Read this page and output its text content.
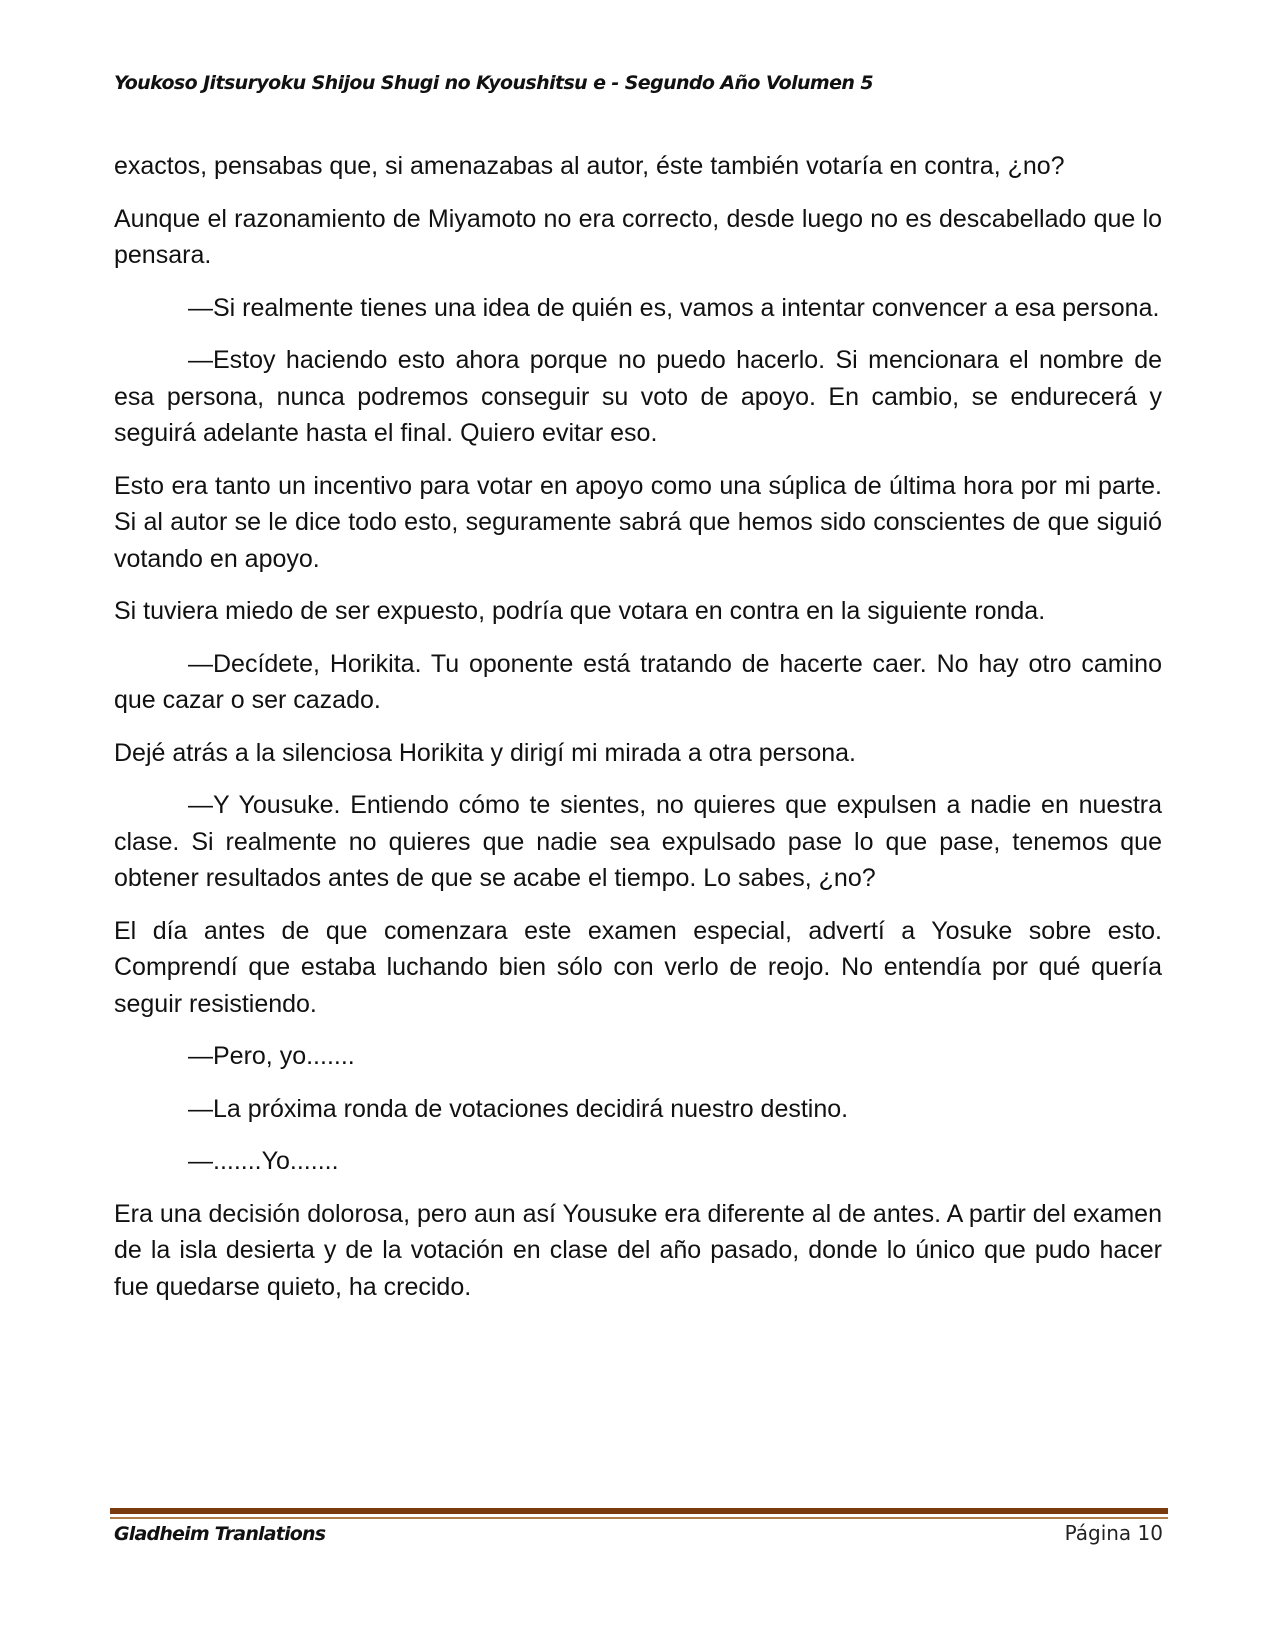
Youkoso Jitsuryoku Shijou Shugi no Kyoushitsu e - Segundo Año Volumen 5

exactos, pensabas que, si amenazabas al autor, éste también votaría en contra, ¿no?

Aunque el razonamiento de Miyamoto no era correcto, desde luego no es descabellado que lo pensara.

—Si realmente tienes una idea de quién es, vamos a intentar convencer a esa persona.

—Estoy haciendo esto ahora porque no puedo hacerlo. Si mencionara el nombre de esa persona, nunca podremos conseguir su voto de apoyo. En cambio, se endurecerá y seguirá adelante hasta el final. Quiero evitar eso.

Esto era tanto un incentivo para votar en apoyo como una súplica de última hora por mi parte. Si al autor se le dice todo esto, seguramente sabrá que hemos sido conscientes de que siguió votando en apoyo.

Si tuviera miedo de ser expuesto, podría que votara en contra en la siguiente ronda.

—Decídete, Horikita. Tu oponente está tratando de hacerte caer. No hay otro camino que cazar o ser cazado.

Dejé atrás a la silenciosa Horikita y dirigí mi mirada a otra persona.

—Y Yousuke. Entiendo cómo te sientes, no quieres que expulsen a nadie en nuestra clase. Si realmente no quieres que nadie sea expulsado pase lo que pase, tenemos que obtener resultados antes de que se acabe el tiempo. Lo sabes, ¿no?

El día antes de que comenzara este examen especial, advertí a Yosuke sobre esto. Comprendí que estaba luchando bien sólo con verlo de reojo. No entendía por qué quería seguir resistiendo.

—Pero, yo.......

—La próxima ronda de votaciones decidirá nuestro destino.

—.......Yo.......

Era una decisión dolorosa, pero aun así Yousuke era diferente al de antes. A partir del examen de la isla desierta y de la votación en clase del año pasado, donde lo único que pudo hacer fue quedarse quieto, ha crecido.

Gladheim Tranlations	Página 10
